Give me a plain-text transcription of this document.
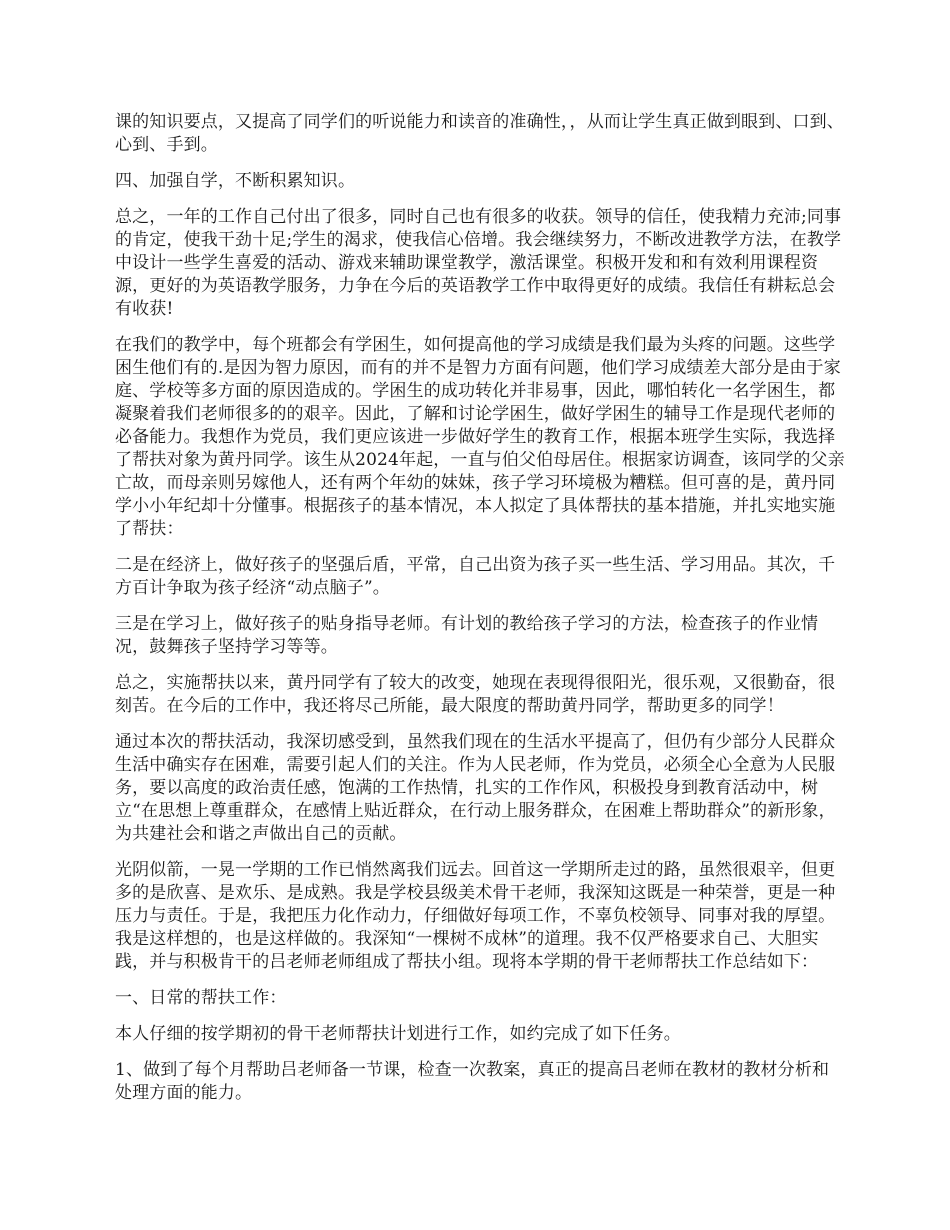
课的知识要点，又提高了同学们的听说能力和读音的准确性，，从而让学生真正做到眼到、口到、心到、手到。

四、加强自学，不断积累知识。

总之，一年的工作自己付出了很多，同时自己也有很多的收获。领导的信任，使我精力充沛;同事的肯定，使我干劲十足;学生的渴求，使我信心倍增。我会继续努力，不断改进教学方法，在教学中设计一些学生喜爱的活动、游戏来辅助课堂教学，激活课堂。积极开发和和有效利用课程资源，更好的为英语教学服务，力争在今后的英语教学工作中取得更好的成绩。我信任有耕耘总会有收获!

在我们的教学中，每个班都会有学困生，如何提高他的学习成绩是我们最为头疼的问题。这些学困生他们有的.是因为智力原因，而有的并不是智力方面有问题，他们学习成绩差大部分是由于家庭、学校等多方面的原因造成的。学困生的成功转化并非易事，因此，哪怕转化一名学困生，都凝聚着我们老师很多的的艰辛。因此，了解和讨论学困生，做好学困生的辅导工作是现代老师的必备能力。我想作为党员，我们更应该进一步做好学生的教育工作，根据本班学生实际，我选择了帮扶对象为黄丹同学。该生从2024年起，一直与伯父伯母居住。根据家访调查，该同学的父亲亡故，而母亲则另嫁他人，还有两个年幼的妹妹，孩子学习环境极为糟糕。但可喜的是，黄丹同学小小年纪却十分懂事。根据孩子的基本情况，本人拟定了具体帮扶的基本措施，并扎实地实施了帮扶：

二是在经济上，做好孩子的坚强后盾，平常，自己出资为孩子买一些生活、学习用品。其次，千方百计争取为孩子经济“动点脑子”。

三是在学习上，做好孩子的贴身指导老师。有计划的教给孩子学习的方法，检查孩子的作业情况，鼓舞孩子坚持学习等等。

总之，实施帮扶以来，黄丹同学有了较大的改变，她现在表现得很阳光，很乐观，又很勤奋，很刻苦。在今后的工作中，我还将尽己所能，最大限度的帮助黄丹同学，帮助更多的同学！

通过本次的帮扶活动，我深切感受到，虽然我们现在的生活水平提高了，但仍有少部分人民群众生活中确实存在困难，需要引起人们的关注。作为人民老师，作为党员，必须全心全意为人民服务，要以高度的政治责任感，饱满的工作热情，扎实的工作作风，积极投身到教育活动中，树立“在思想上尊重群众，在感情上贴近群众，在行动上服务群众，在困难上帮助群众”的新形象，为共建社会和谐之声做出自己的贡献。

光阴似箭，一晃一学期的工作已悄然离我们远去。回首这一学期所走过的路，虽然很艰辛，但更多的是欣喜、是欢乐、是成熟。我是学校县级美术骨干老师，我深知这既是一种荣誉，更是一种压力与责任。于是，我把压力化作动力，仔细做好每项工作，不辜负校领导、同事对我的厚望。我是这样想的，也是这样做的。我深知“一棵树不成林”的道理。我不仅严格要求自己、大胆实践，并与积极肯干的吕老师老师组成了帮扶小组。现将本学期的骨干老师帮扶工作总结如下：

一、日常的帮扶工作：

本人仔细的按学期初的骨干老师帮扶计划进行工作，如约完成了如下任务。

1、做到了每个月帮助吕老师备一节课，检查一次教案，真正的提高吕老师在教材的教材分析和处理方面的能力。
